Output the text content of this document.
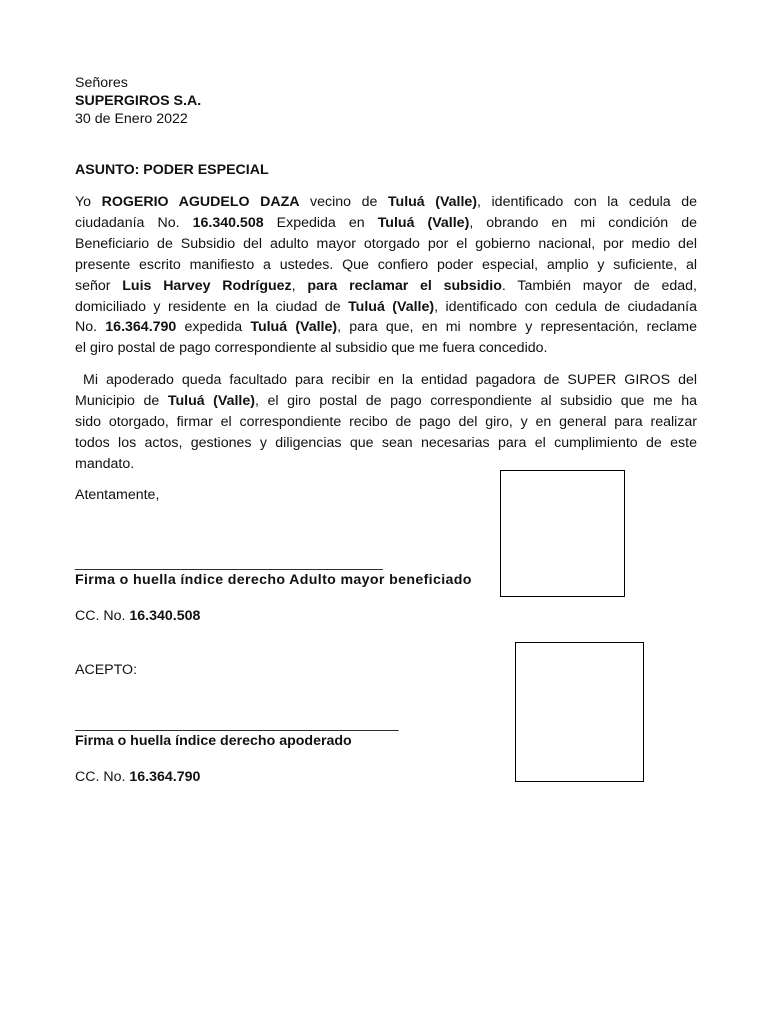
Señores
SUPERGIROS S.A.
30 de Enero 2022
ASUNTO: PODER ESPECIAL
Yo ROGERIO AGUDELO DAZA vecino de Tuluá (Valle), identificado con la cedula de
ciudadanía No. 16.340.508 Expedida en Tuluá (Valle), obrando en mi condición de
Beneficiario de Subsidio del adulto mayor otorgado por el gobierno nacional, por medio del
presente escrito manifiesto a ustedes. Que confiero poder especial, amplio y suficiente, al
señor Luis Harvey Rodríguez, para reclamar el subsidio. También mayor de edad,
domiciliado y residente en la ciudad de Tuluá (Valle), identificado con cedula de ciudadanía
No. 16.364.790 expedida Tuluá (Valle), para que, en mi nombre y representación, reclame
el giro postal de pago correspondiente al subsidio que me fuera concedido.
Mi apoderado queda facultado para recibir en la entidad pagadora de SUPER GIROS del
Municipio de Tuluá (Valle), el giro postal de pago correspondiente al subsidio que me ha
sido otorgado, firmar el correspondiente recibo de pago del giro, y en general para realizar
todos los actos, gestiones y diligencias que sean necesarias para el cumplimiento de este
mandato.
Atentamente,
_______________________________________
Firma o huella índice derecho Adulto mayor beneficiado
CC. No. 16.340.508
ACEPTO:
_________________________________________
Firma o huella índice derecho apoderado
CC. No. 16.364.790
